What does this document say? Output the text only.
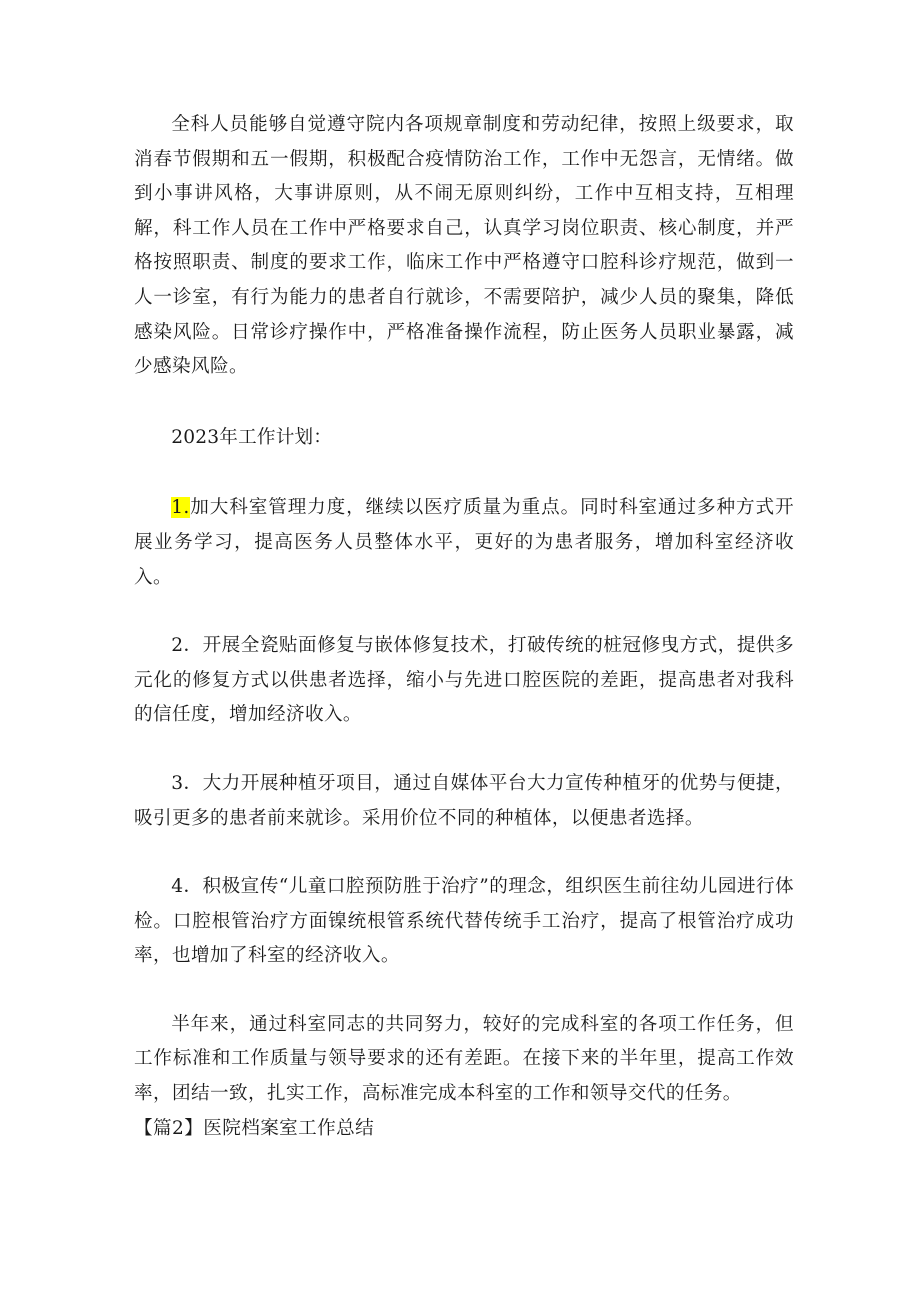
全科人员能够自觉遵守院内各项规章制度和劳动纪律，按照上级要求，取消春节假期和五一假期，积极配合疫情防治工作，工作中无怨言，无情绪。做到小事讲风格，大事讲原则，从不闹无原则纠纷，工作中互相支持，互相理解，科工作人员在工作中严格要求自己，认真学习岗位职责、核心制度，并严格按照职责、制度的要求工作，临床工作中严格遵守口腔科诊疗规范，做到一人一诊室，有行为能力的患者自行就诊，不需要陪护，减少人员的聚集，降低感染风险。日常诊疗操作中，严格准备操作流程，防止医务人员职业暴露，减少感染风险。

2023年工作计划：

1.加大科室管理力度，继续以医疗质量为重点。同时科室通过多种方式开展业务学习，提高医务人员整体水平，更好的为患者服务，增加科室经济收入。

2．开展全瓷贴面修复与嵌体修复技术，打破传统的桩冠修曳方式，提供多元化的修复方式以供患者选择，缩小与先进口腔医院的差距，提高患者对我科的信任度，增加经济收入。

3．大力开展种植牙项目，通过自媒体平台大力宣传种植牙的优势与便捷，吸引更多的患者前来就诊。采用价位不同的种植体，以便患者选择。

4．积极宣传“儿童口腔预防胜于治疗”的理念，组织医生前往幼儿园进行体检。口腔根管治疗方面镍统根管系统代替传统手工治疗，提高了根管治疗成功率，也增加了科室的经济收入。

半年来，通过科室同志的共同努力，较好的完成科室的各项工作任务，但工作标准和工作质量与领导要求的还有差距。在接下来的半年里，提高工作效率，团结一致，扎实工作，高标准完成本科室的工作和领导交代的任务。

【篇2】医院档案室工作总结
